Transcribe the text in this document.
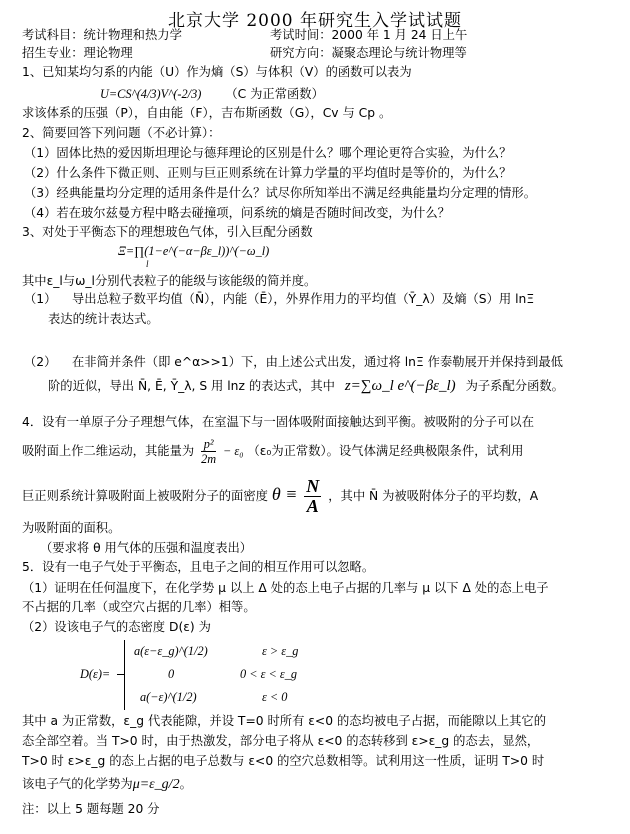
北京大学 2000 年研究生入学试试题
考试科目：统计物理和热力学	考试时间：2000 年 1 月 24 日上午
招生专业：理论物理	研究方向：凝聚态理论与统计物理等
1、已知某均匀系的内能（U）作为熵（S）与体积（V）的函数可以表为
U=CS^(4/3)V^(-2/3) （C 为正常函数）
求该体系的压强（P），自由能（F），吉布斯函数（G），Cv 与 Cp 。
2、简要回答下列问题（不必计算）：
（1）固体比热的爱因斯坦理论与德拜理论的区别是什么？哪个理论更符合实验，为什么？
（2）什么条件下微正则、正则与巨正则系统在计算力学量的平均值时是等价的，为什么？
（3）经典能量均分定理的适用条件是什么？试尽你所知举出不满足经典能量均分定理的情形。
（4）若在玻尔兹曼方程中略去碰撞项，问系统的熵是否随时间改变，为什么？
3、对处于平衡态下的理想玻色气体，引入巨配分函数
Ξ=∏(1−e^(−α−βε_l))^(−ω_l)
l
其中ε_l与ω_l分别代表粒子的能级与该能级的简并度。
（1） 导出总粒子数平均值（N̄），内能（Ē），外界作用力的平均值（Ȳ_λ）及熵（S）用 lnΞ
表达的统计表达式。
（2） 在非简并条件（即 e^α>>1）下，由上述公式出发，通过将 lnΞ 作泰勒展开并保持到最低
阶的近似，导出 N̄, Ē, Ȳ_λ, S 用 lnz 的表达式，其中 z=∑ω_l e^(−βε_l) 为子系配分函数。
4．设有一单原子分子理想气体，在室温下与一固体吸附面接触达到平衡。被吸附的分子可以在
吸附面上作二维运动，其能量为 $\frac{\text{p²}}{2m} - \varepsilon_0$ （ε₀为正常数）。设气体满足经典极限条件，试利用
巨正则系统计算吸附面上被吸附分子的面密度 $\theta \equiv \frac{N}{A}$ ，其中 N̄ 为被吸附体分子的平均数，A
为吸附面的面积。
（要求将 θ 用气体的压强和温度表出）
5．设有一电子气处于平衡态，且电子之间的相互作用可以忽略。
（1）证明在任何温度下，在化学势 μ 以上 Δ 处的态上电子占据的几率与 μ 以下 Δ 处的态上电子
不占据的几率（或空穴占据的几率）相等。
（2）设该电子气的态密度 D(ε) 为
D(ε)=
a(ε−ε_g)^(1/2)	ε > ε_g
0	0 < ε < ε_g
a(−ε)^(1/2)	ε < 0
其中 a 为正常数，ε_g 代表能隙，并设 T=0 时所有 ε<0 的态均被电子占据，而能隙以上其它的
态全部空着。当 T>0 时，由于热激发，部分电子将从 ε<0 的态转移到 ε>ε_g 的态去，显然，
T>0 时 ε>ε_g 的态上占据的电子总数与 ε<0 的空穴总数相等。试利用这一性质，证明 T>0 时
该电子气的化学势为μ=ε_g/2。
注：以上 5 题每题 20 分
